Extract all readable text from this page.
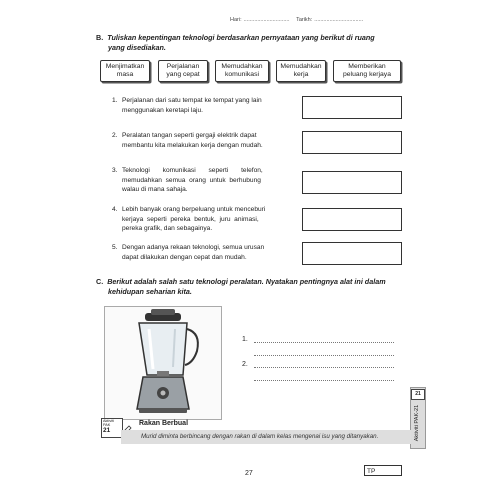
Hari: .............................. Tarikh: ................................
B. Tuliskan kepentingan teknologi berdasarkan pernyataan yang berikut di ruang
yang disediakan.
Menjimatkan
masa
Perjalanan
yang cepat
Memudahkan
komunikasi
Memudahkan
kerja
Memberikan
peluang kerjaya
1. Perjalanan dari satu tempat ke tempat yang lain
menggunakan keretapi laju.
2. Peralatan tangan seperti gergaji elektrik dapat
membantu kita melakukan kerja dengan mudah.
3. Teknologi       komunikasi       seperti       telefon,
memudahkan  semua  orang  untuk  berhubung
walau di mana sahaja.
4. Lebih banyak orang berpeluang untuk menceburi
kerjaya  seperti  pereka  bentuk,  juru  animasi,
pereka grafik, dan sebagainya.
5. Dengan adanya rekaan teknologi, semua urusan
dapat dilakukan dengan cepat dan mudah.
C. Berikut adalah salah satu teknologi peralatan. Nyatakan pentingnya alat ini dalam
kehidupan seharian kita.
1.
2.
21
Aktiviti PAK-21
Aktiviti
PAK
21
Rakan Berbual
Murid diminta berbincang dengan rakan di dalam kelas mengenai isu yang ditanyakan.
27	TP
